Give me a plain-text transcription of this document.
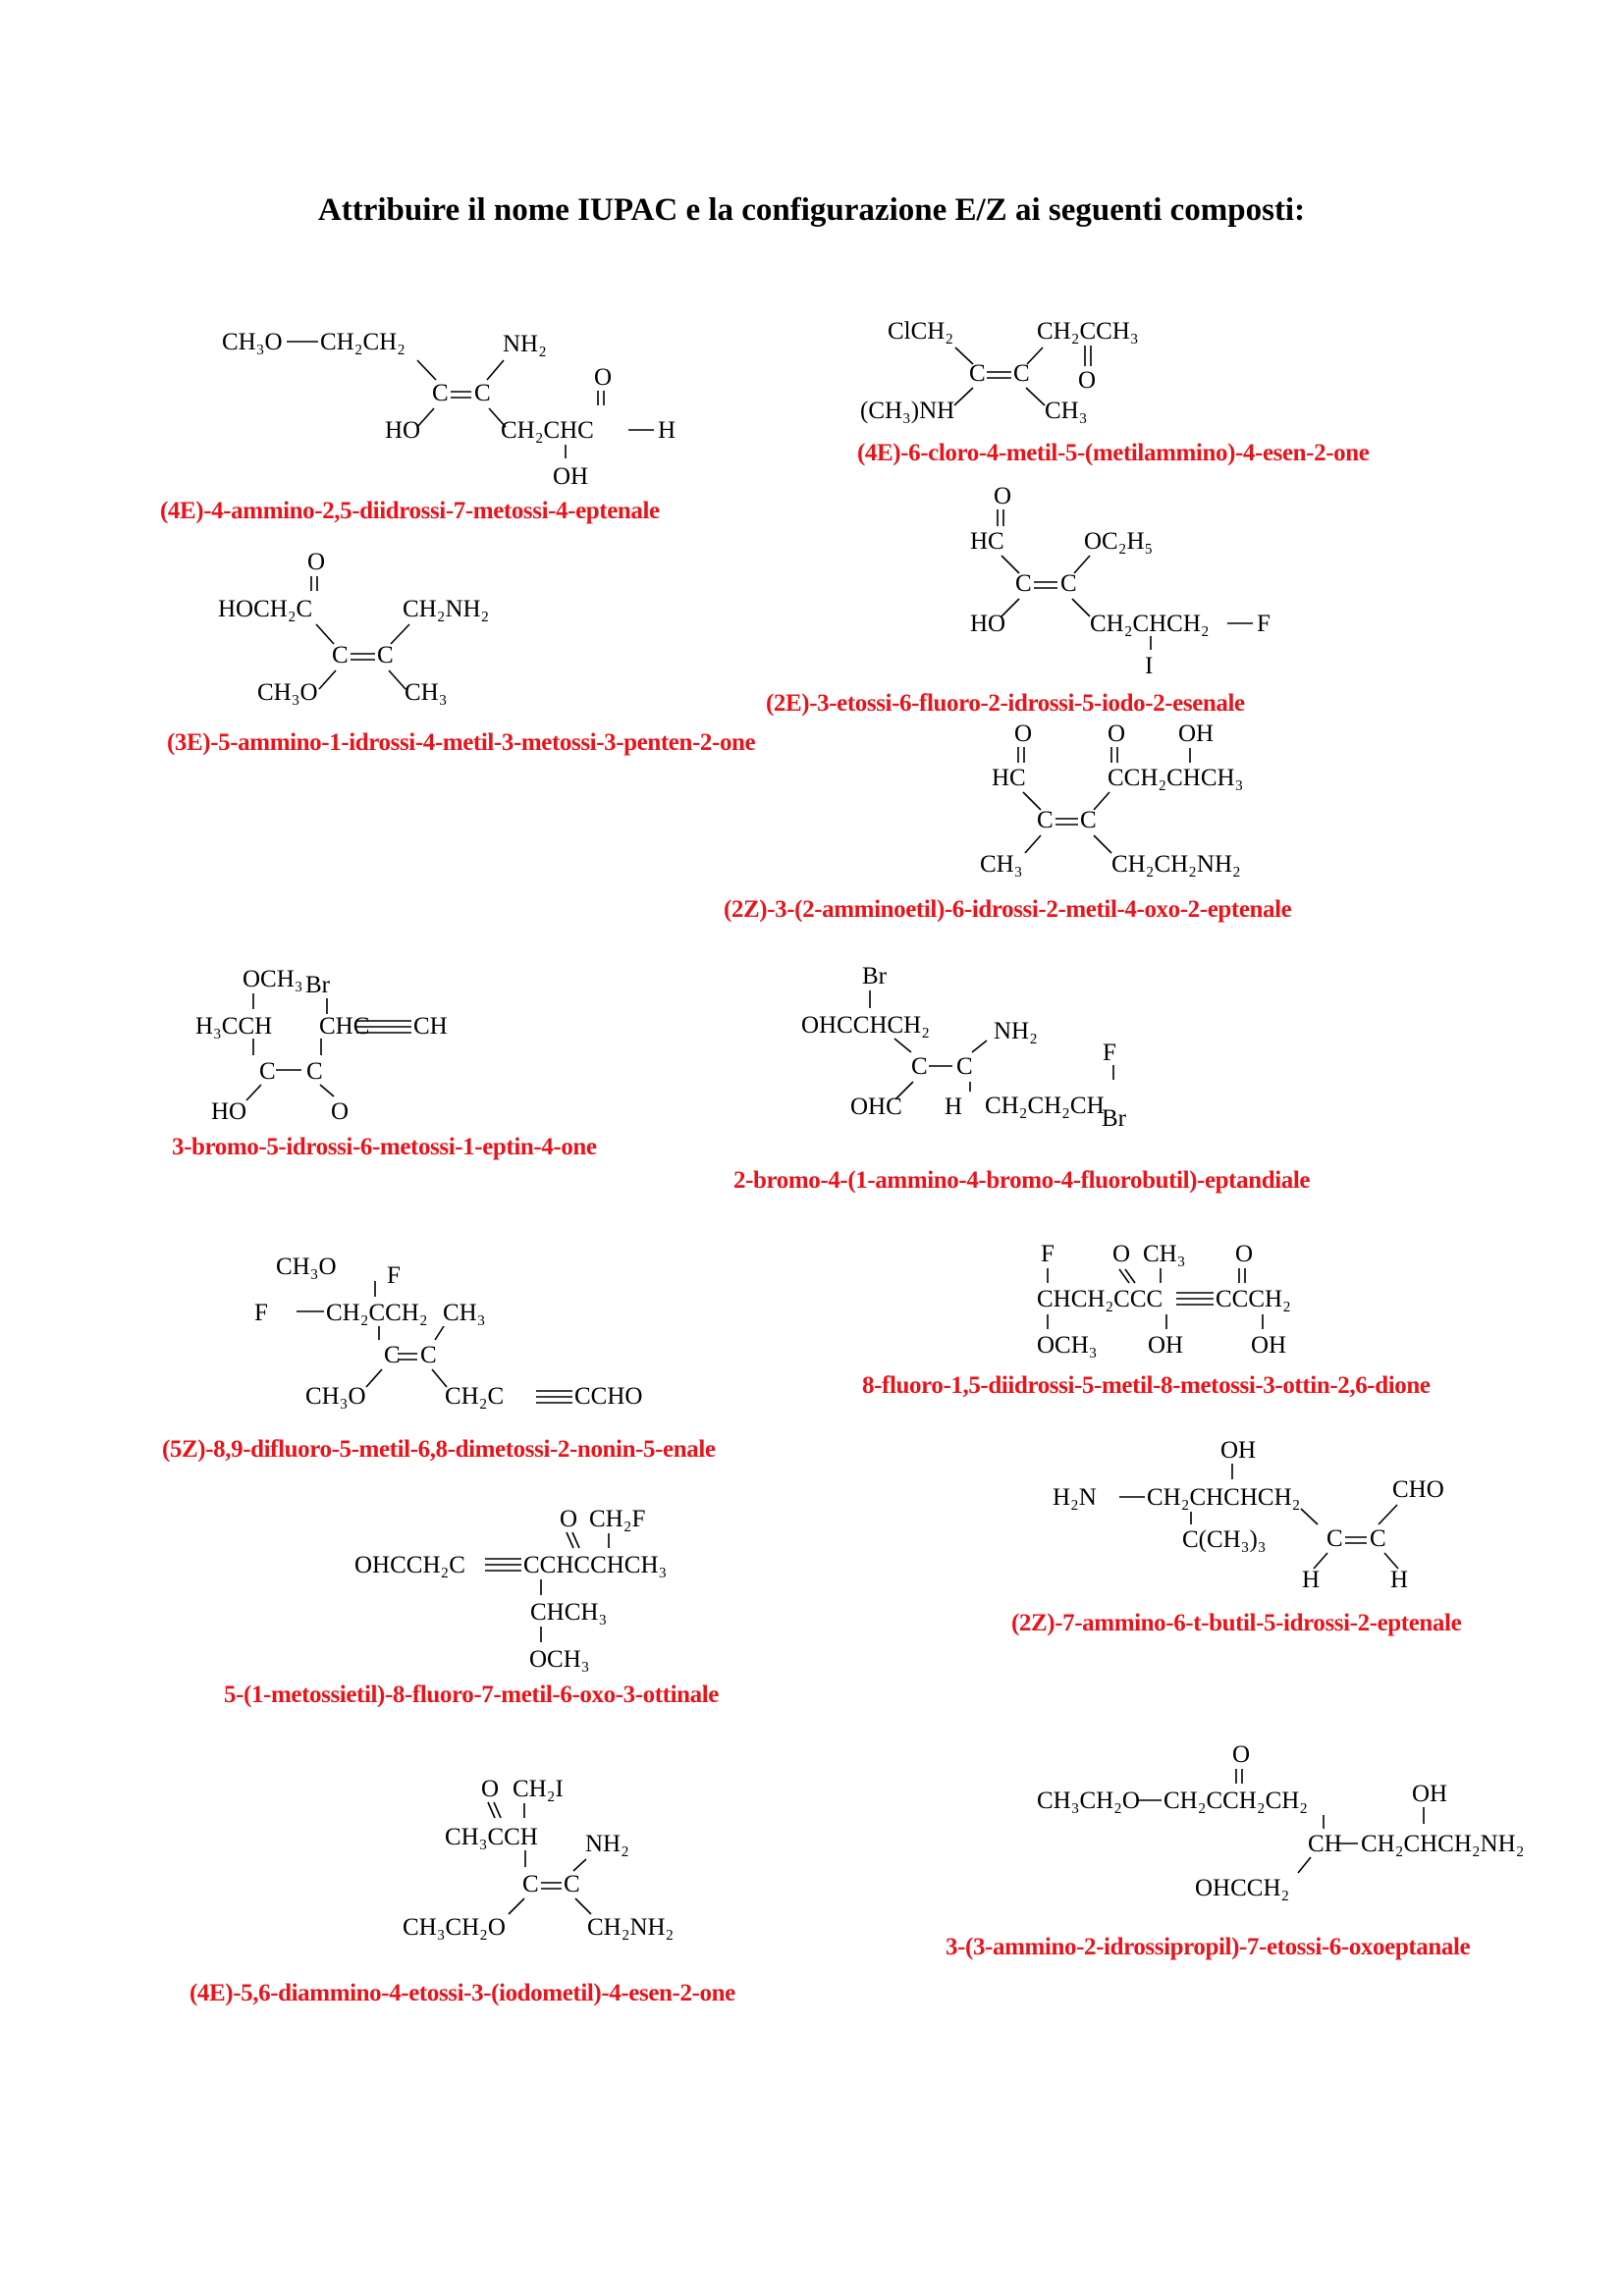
Attribuire il nome IUPAC e la configurazione E/Z ai seguenti composti:
CH₃O CH₂CH₂	NH₂
C C
O
HO	CH₂CHC	H
OH
(4E)-4-ammino-2,5-diidrossi-7-metossi-4-eptenale
ClCH₂	CH₂CCH₃
C C O
(CH₃)NH	CH₃
(4E)-6-cloro-4-metil-5-(metilammino)-4-esen-2-one
O
HOCH₂C	CH₂NH₂
C C
CH₃O	CH₃
(3E)-5-ammino-1-idrossi-4-metil-3-metossi-3-penten-2-one
O
HC	OC₂H₅
C C
HO	CH₂CHCH₂ F
I
(2E)-3-etossi-6-fluoro-2-idrossi-5-iodo-2-esenale
O	O OH
HC	CCH₂CHCH₃
C C
CH₃	CH₂CH₂NH₂
(2Z)-3-(2-amminoetil)-6-idrossi-2-metil-4-oxo-2-eptenale
OCH₃ Br
H₃CCH CHC CH
C C
HO	O
3-bromo-5-idrossi-6-metossi-1-eptin-4-one
Br
OHCCHCH₂	NH₂
F
C C
CH₂CH₂CH
OHC H	Br
2-bromo-4-(1-ammino-4-bromo-4-fluorobutil)-eptandiale
CH₃O F
F CH₂CCH₂ CH₃
C C
CH₃O	CH₂C	CCHO
(5Z)-8,9-difluoro-5-metil-6,8-dimetossi-2-nonin-5-enale
F O CH₃ O
CHCH₂CCC CCCH₂
OCH₃ OH	OH
8-fluoro-1,5-diidrossi-5-metil-8-metossi-3-ottin-2,6-dione
O CH₂F
OHCCH₂C CCHCCHCH₃
CHCH₃
OCH₃
5-(1-metossietil)-8-fluoro-7-metil-6-oxo-3-ottinale
OH
H₂N CH₂CHCHCH₂	CHO
C(CH₃)₃ C C
H	H
(2Z)-7-ammino-6-t-butil-5-idrossi-2-eptenale
O CH₂I
CH₃CCH NH₂
C C
CH₃CH₂O	CH₂NH₂
(4E)-5,6-diammino-4-etossi-3-(iodometil)-4-esen-2-one
O
CH₃CH₂O CH₂CCH₂CH₂	OH
CH CH₂CHCH₂NH₂
OHCCH₂
3-(3-ammino-2-idrossipropil)-7-etossi-6-oxoeptanale
